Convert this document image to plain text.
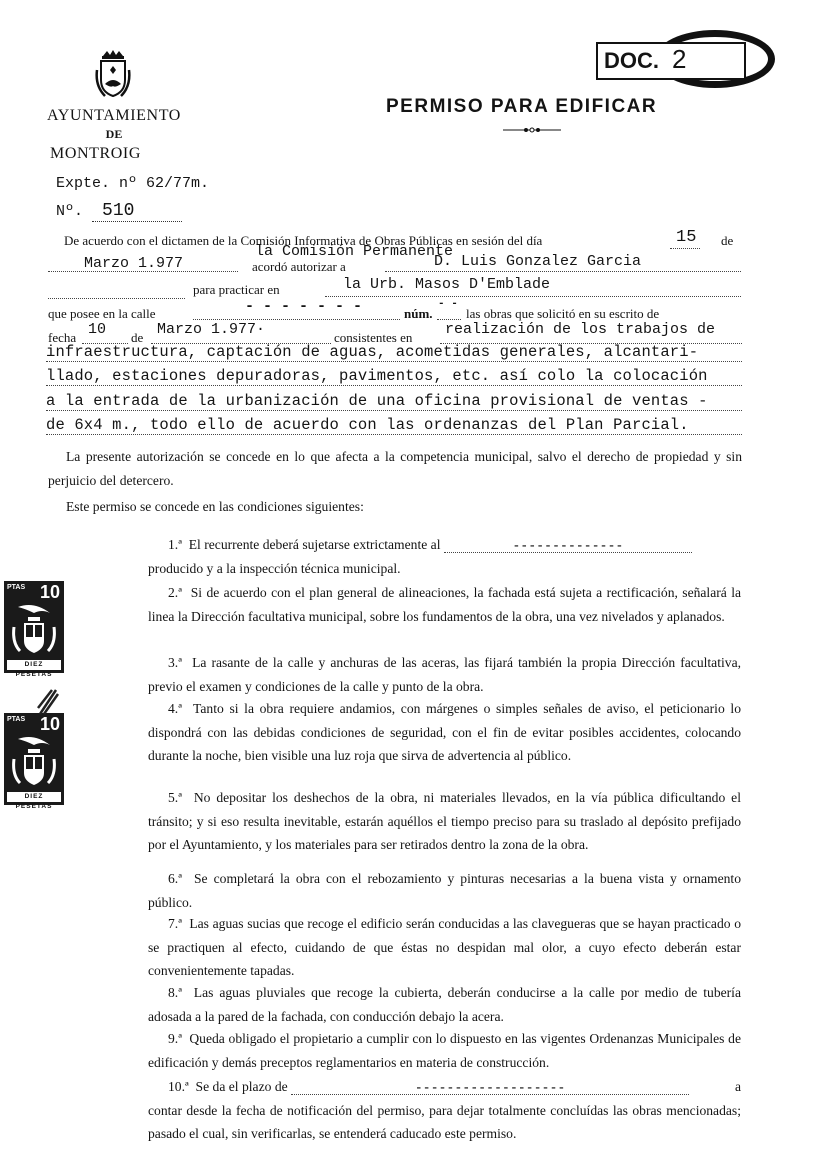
AYUNTAMIENTO
DE
MONTROIG
Expte. nº 62/77m.
Nº. 510
DOC. 2
PERMISO PARA EDIFICAR
De acuerdo con el dictamen de la Comisión Informativa de Obras Públicas en sesión del día	15 de
la Comisión Permanente
Marzo 1.977	acordó autorizar a	D. Luis Gonzalez Garcia
para practicar en	la Urb. Masos D'Emblade
que posee en la calle	- - - - - - -	núm.
- -
las obras que solicitó en su escrito de
fecha 10 de Marzo 1.977·	consistentes en realización de los trabajos de
infraestructura, captación de aguas, acometidas generales, alcantari-
llado, estaciones depuradoras, pavimentos, etc. así colo la colocación
a la entrada de la urbanización de una oficina provisional de ventas -
de 6x4 m., todo ello de acuerdo con las ordenanzas del Plan Parcial.
La presente autorización se concede en lo que afecta a la competencia municipal, salvo el derecho de propiedad y sin perjuicio del detercero.
Este permiso se concede en las condiciones siguientes:
1.ª El recurrente deberá sujetarse extrictamente al	- - - - - - - - - - - - - -
producido y a la inspección técnica municipal.
2.ª Si de acuerdo con el plan general de alineaciones, la fachada está sujeta a rectificación, señalará la linea la Dirección facultativa municipal, sobre los fundamentos de la obra, una vez nivelados y aplanados.
3.ª La rasante de la calle y anchuras de las aceras, las fijará también la propia Dirección facultativa, previo el examen y condiciones de la calle y punto de la obra.
4.ª Tanto si la obra requiere andamios, con márgenes o simples señales de aviso, el peticionario lo dispondrá con las debidas condiciones de seguridad, con el fin de evitar posibles accidentes, colocando durante la noche, bien visible una luz roja que sirva de advertencia al público.
5.ª No depositar los deshechos de la obra, ni materiales llevados, en la vía pública dificultando el tránsito; y si eso resulta inevitable, estarán aquéllos el tiempo preciso para su traslado al depósito prefijado por el Ayuntamiento, y los materiales para ser retirados dentro la zona de la obra.
6.ª Se completará la obra con el rebozamiento y pinturas necesarias a la buena vista y ornamento público.
7.ª Las aguas sucias que recoge el edificio serán conducidas a las clavegueras que se hayan practicado o se practiquen al efecto, cuidando de que éstas no despidan mal olor, a cuyo efecto deberán estar convenientemente tapadas.
8.ª Las aguas pluviales que recoge la cubierta, deberán conducirse a la calle por medio de tubería adosada a la pared de la fachada, con conducción debajo la acera.
9.ª Queda obligado el propietario a cumplir con lo dispuesto en las vigentes Ordenanzas Municipales de edificación y demás preceptos reglamentarios en materia de construcción.
10.ª Se da el plazo de	- - - - - - - - - - - - - - - - - - -	a

contar desde la fecha de notificación del permiso, para dejar totalmente concluídas las obras mencionadas; pasado el cual, sin verificarlas, se entenderá caducado este permiso.
PTAS 10
DIEZ PESETAS
PTAS 10
DIEZ PESETAS
